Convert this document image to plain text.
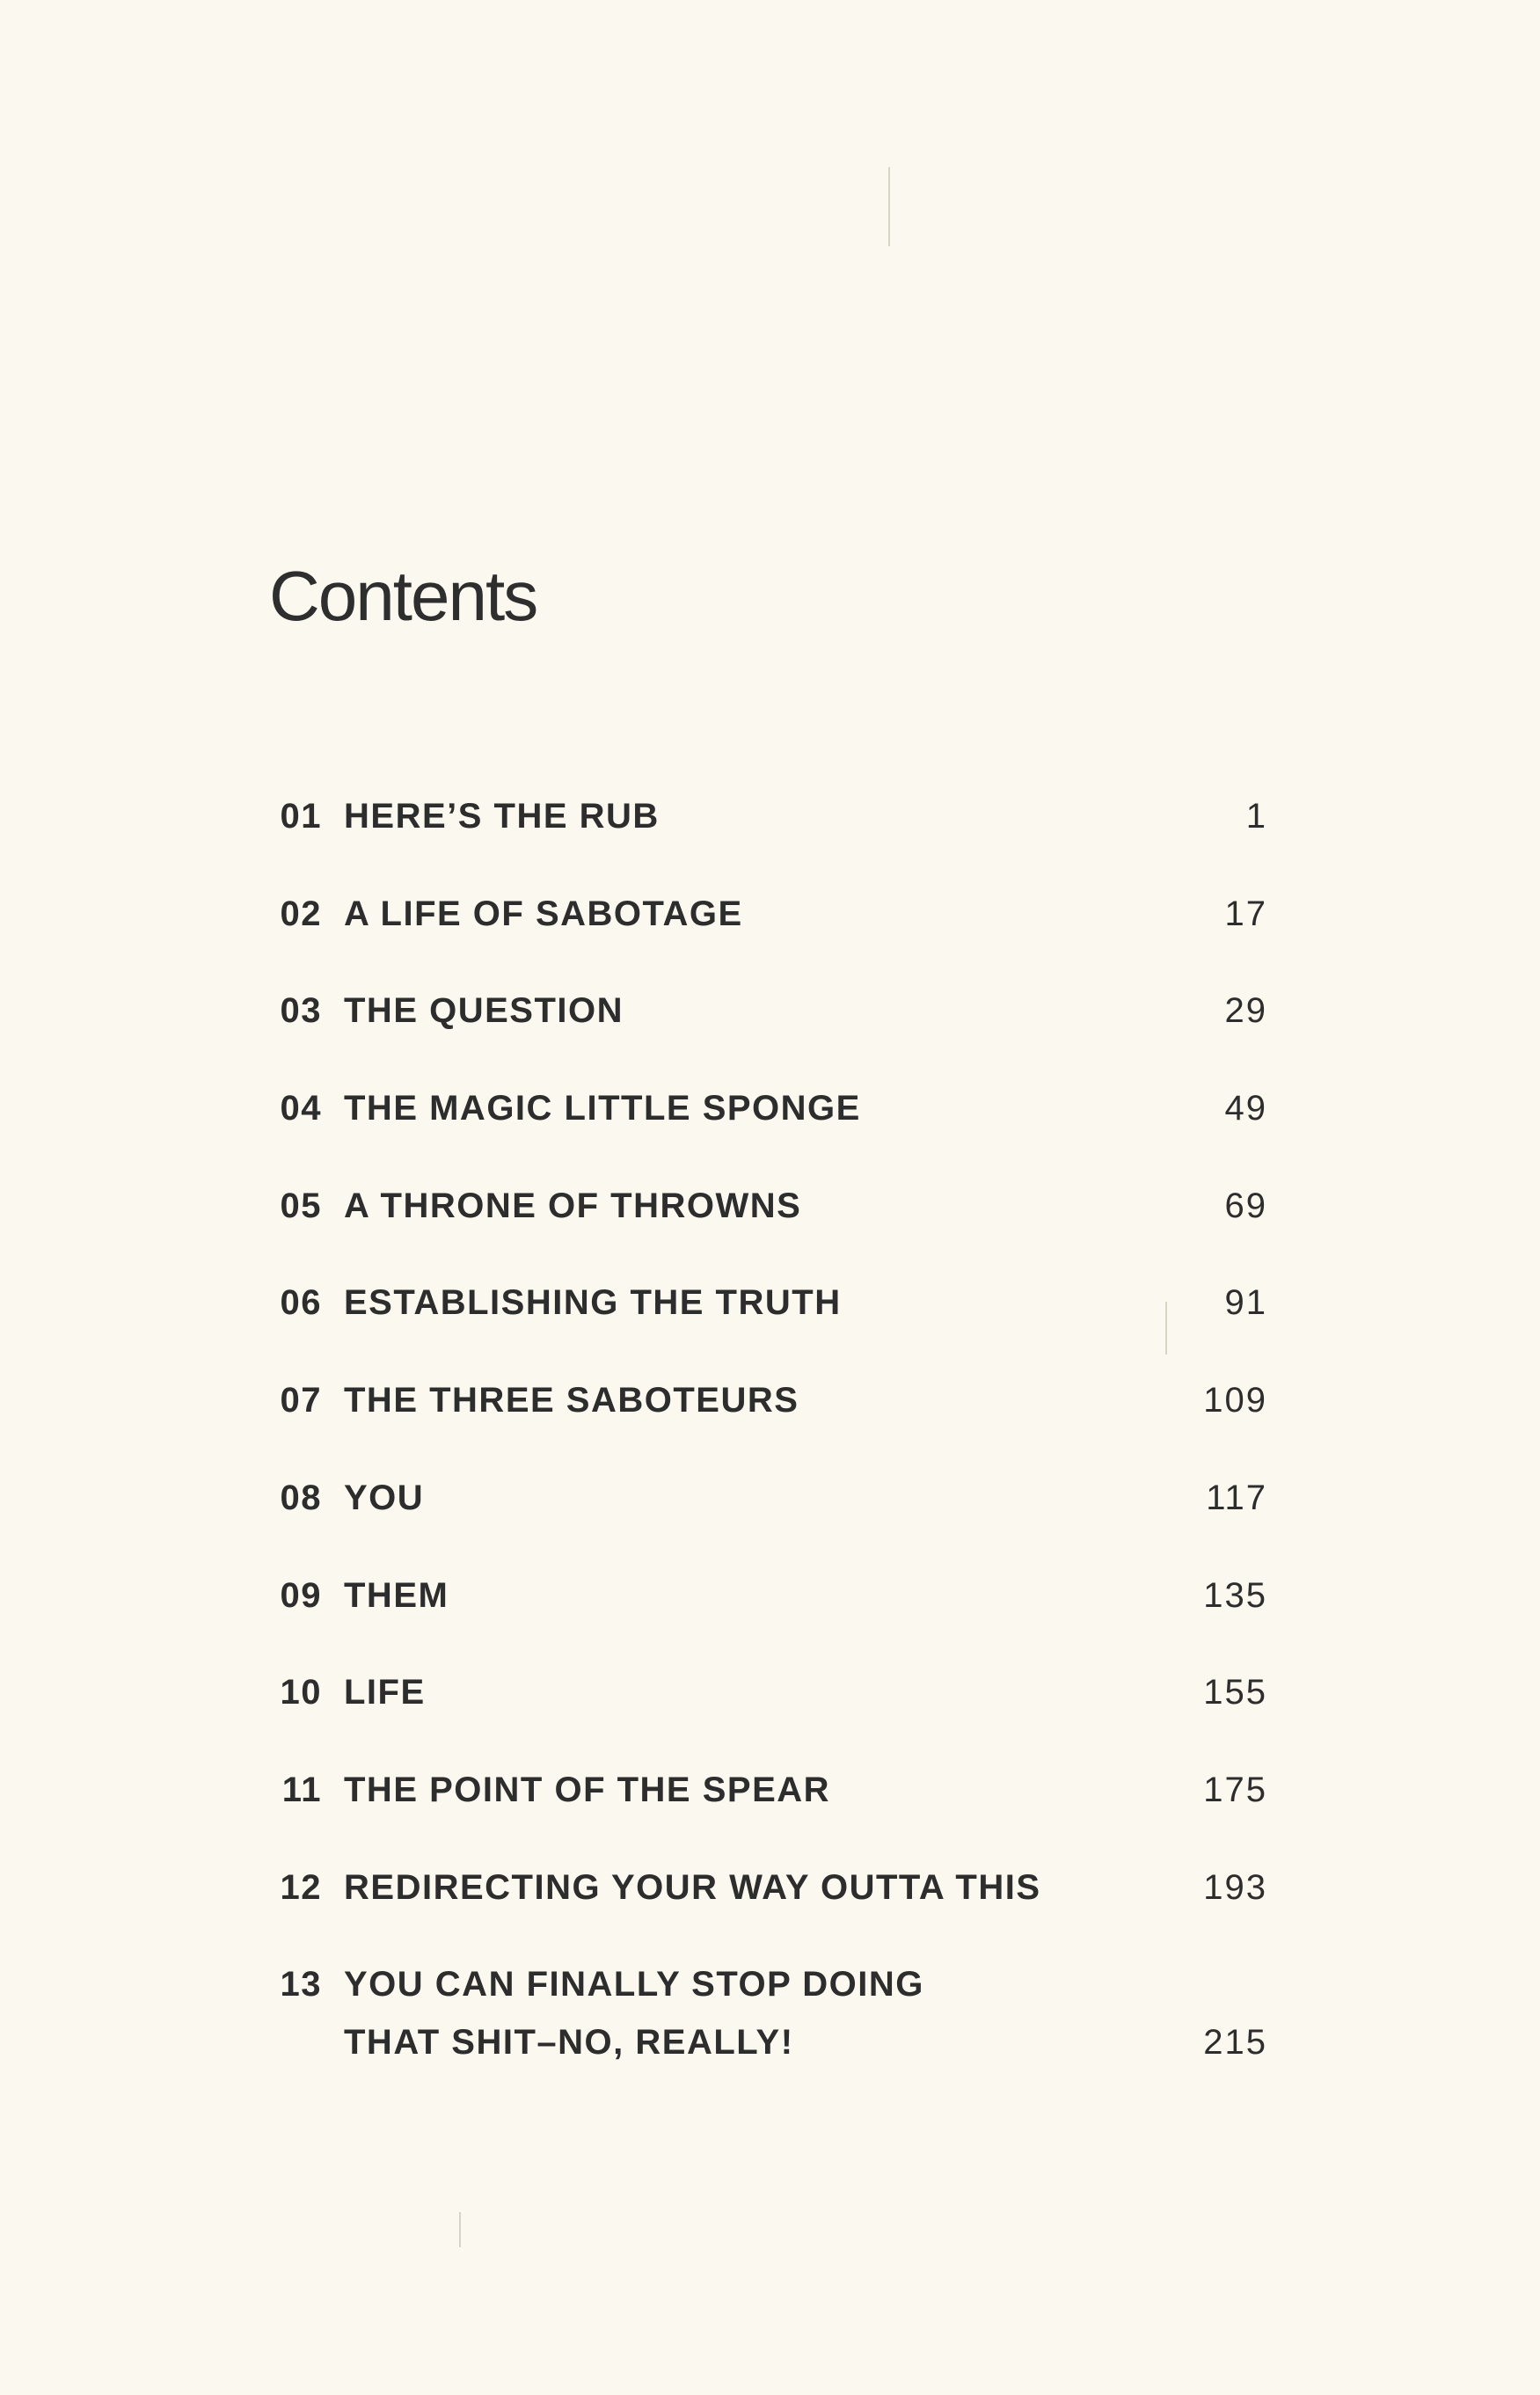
Contents
01 HERE’S THE RUB	1
02 A LIFE OF SABOTAGE	17
03 THE QUESTION	29
04 THE MAGIC LITTLE SPONGE	49
05 A THRONE OF THROWNS	69
06 ESTABLISHING THE TRUTH	91
07 THE THREE SABOTEURS	109
08 YOU	117
09 THEM	135
10 LIFE	155
11 THE POINT OF THE SPEAR	175
12 REDIRECTING YOUR WAY OUTTA THIS	193
13 YOU CAN FINALLY STOP DOING
THAT SHIT–NO, REALLY!	215
